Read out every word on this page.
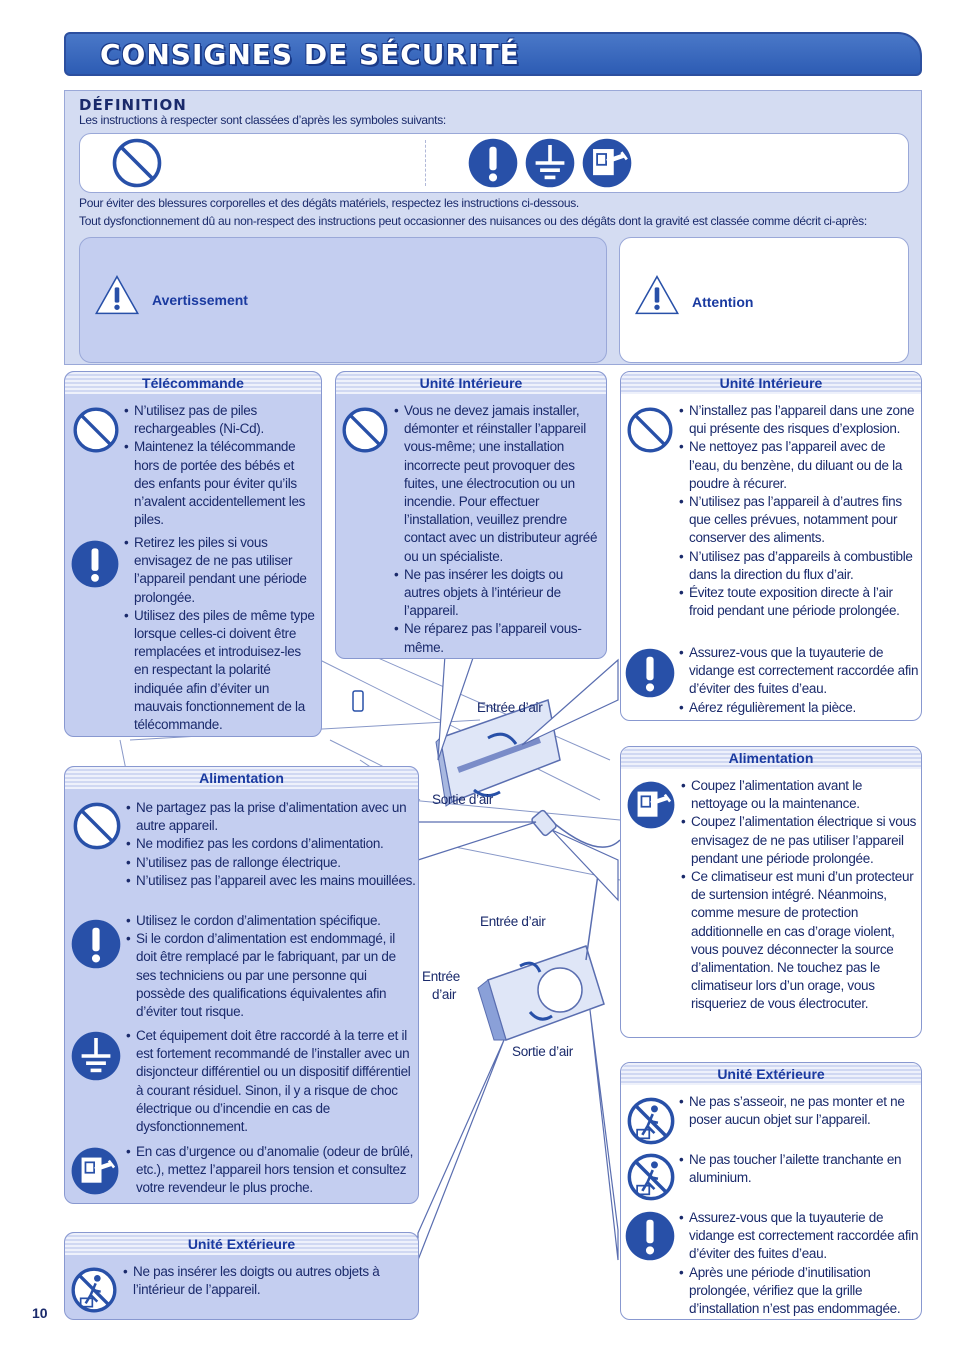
CONSIGNES DE SÉCURITÉ
DÉFINITION
Les instructions à respecter sont classées d’après les symboles suivants:
Pour éviter des blessures corporelles et des dégâts matériels, respectez les instructions ci-dessous.
Tout dysfonctionnement dû au non-respect des instructions peut occasionner des nuisances ou des dégâts dont la gravité est classée comme décrit ci-après:
Avertissement	Attention
Télécommande
• N’utilisez pas de piles rechargeables (Ni-Cd).
• Maintenez la télécommande hors de portée des bébés et des enfants pour éviter qu’ils n’avalent accidentellement les piles.
• Retirez les piles si vous envisagez de ne pas utiliser l’appareil pendant une période prolongée.
• Utilisez des piles de même type lorsque celles-ci doivent être remplacées et introduisez-les en respectant la polarité indiquée afin d’éviter un mauvais fonctionnement de la télécommande.
Unité Intérieure
• Vous ne devez jamais installer, démonter et réinstaller l’appareil vous-même; une installation incorrecte peut provoquer des fuites, une électrocution ou un incendie. Pour effectuer l’installation, veuillez prendre contact avec un distributeur agréé ou un spécialiste.
• Ne pas insérer les doigts ou autres objets à l’intérieur de l’appareil.
• Ne réparez pas l’appareil vous-même.
Unité Intérieure
• N’installez pas l’appareil dans une zone qui présente des risques d’explosion.
• Ne nettoyez pas l’appareil avec de l’eau, du benzène, du diluant ou de la poudre à récurer.
• N’utilisez pas l’appareil à d’autres fins que celles prévues, notamment pour conserver des aliments.
• N’utilisez pas d’appareils à combustible dans la direction du flux d’air.
• Évitez toute exposition directe à l’air froid pendant une période prolongée.
• Assurez-vous que la tuyauterie de vidange est correctement raccordée afin d’éviter des fuites d’eau.
• Aérez régulièrement la pièce.
Alimentation
• Ne partagez pas la prise d’alimentation avec un autre appareil.
• Ne modifiez pas les cordons d’alimentation.
• N’utilisez pas de rallonge électrique.
• N’utilisez pas l’appareil avec les mains mouillées.
• Utilisez le cordon d’alimentation spécifique.
• Si le cordon d’alimentation est endommagé, il doit être remplacé par le fabriquant, par un de ses techniciens ou par une personne qui possède des qualifications équivalentes afin d’éviter tout risque.
• Cet équipement doit être raccordé à la terre et il est fortement recommandé de l’installer avec un disjoncteur différentiel ou un dispositif différentiel à courant résiduel. Sinon, il y a risque de choc électrique ou d’incendie en cas de dysfonctionnement.
• En cas d’urgence ou d’anomalie (odeur de brûlé, etc.), mettez l’appareil hors tension et consultez votre revendeur le plus proche.
Alimentation
• Coupez l’alimentation avant le nettoyage ou la maintenance.
• Coupez l’alimentation électrique si vous envisagez de ne pas utiliser l’appareil pendant une période prolongée.
• Ce climatiseur est muni d’un protecteur de surtension intégré. Néanmoins, comme mesure de protection additionnelle en cas d’orage violent, vous pouvez déconnecter la source d’alimentation. Ne touchez pas le climatiseur lors d’un orage, vous risqueriez de vous électrocuter.
Unité Extérieure
• Ne pas s’asseoir, ne pas monter et ne poser aucun objet sur l’appareil.
• Ne pas toucher l’ailette tranchante en aluminium.
• Assurez-vous que la tuyauterie de vidange est correctement raccordée afin d’éviter des fuites d’eau.
• Après une période d’inutilisation prolongée, vérifiez que la grille d’installation n’est pas endommagée.
Unité Extérieure
• Ne pas insérer les doigts ou autres objets à l’intérieur de l’appareil.
Entrée d’air
Sortie d’air
Entrée d’air
Entrée
d’air
Sortie d’air
10
